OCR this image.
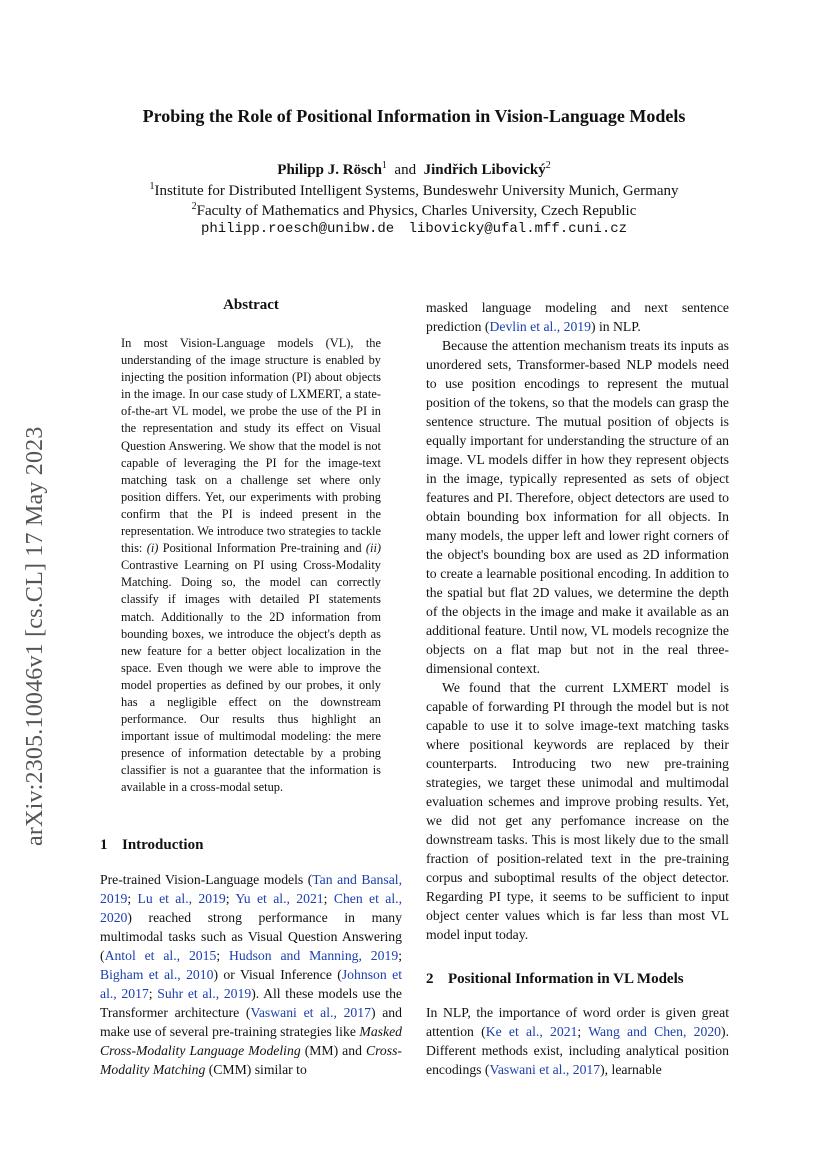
arXiv:2305.10046v1 [cs.CL] 17 May 2023
Probing the Role of Positional Information in Vision-Language Models
Philipp J. Rösch$^1$ and Jindřich Libovický$^2$
$^1$Institute for Distributed Intelligent Systems, Bundeswehr University Munich, Germany
$^2$Faculty of Mathematics and Physics, Charles University, Czech Republic
philipp.roesch@unibw.de libovicky@ufal.mff.cuni.cz
Abstract
In most Vision-Language models (VL), the understanding of the image structure is enabled by injecting the position information (PI) about objects in the image. In our case study of LXMERT, a state-of-the-art VL model, we probe the use of the PI in the representation and study its effect on Visual Question Answering. We show that the model is not capable of leveraging the PI for the image-text matching task on a challenge set where only position differs. Yet, our experiments with probing confirm that the PI is indeed present in the representation. We introduce two strategies to tackle this: (i) Positional Information Pre-training and (ii) Contrastive Learning on PI using Cross-Modality Matching. Doing so, the model can correctly classify if images with detailed PI statements match. Additionally to the 2D information from bounding boxes, we introduce the object's depth as new feature for a better object localization in the space. Even though we were able to improve the model properties as defined by our probes, it only has a negligible effect on the downstream performance. Our results thus highlight an important issue of multimodal modeling: the mere presence of information detectable by a probing classifier is not a guarantee that the information is available in a cross-modal setup.
1 Introduction

Pre-trained Vision-Language models (Tan and Bansal, 2019; Lu et al., 2019; Yu et al., 2021; Chen et al., 2020) reached strong performance in many multimodal tasks such as Visual Question Answering (Antol et al., 2015; Hudson and Manning, 2019; Bigham et al., 2010) or Visual Inference (Johnson et al., 2017; Suhr et al., 2019). All these models use the Transformer architecture (Vaswani et al., 2017) and make use of several pre-training strategies like Masked Cross-Modality Language Modeling (MM) and Cross-Modality Matching (CMM) similar to

masked language modeling and next sentence prediction (Devlin et al., 2019) in NLP.

Because the attention mechanism treats its inputs as unordered sets, Transformer-based NLP models need to use position encodings to represent the mutual position of the tokens, so that the models can grasp the sentence structure. The mutual position of objects is equally important for understanding the structure of an image. VL models differ in how they represent objects in the image, typically represented as sets of object features and PI. Therefore, object detectors are used to obtain bounding box information for all objects. In many models, the upper left and lower right corners of the object's bounding box are used as 2D information to create a learnable positional encoding. In addition to the spatial but flat 2D values, we determine the depth of the objects in the image and make it available as an additional feature. Until now, VL models recognize the objects on a flat map but not in the real three-dimensional context.

We found that the current LXMERT model is capable of forwarding PI through the model but is not capable to use it to solve image-text matching tasks where positional keywords are replaced by their counterparts. Introducing two new pre-training strategies, we target these unimodal and multimodal evaluation schemes and improve probing results. Yet, we did not get any perfomance increase on the downstream tasks. This is most likely due to the small fraction of position-related text in the pre-training corpus and suboptimal results of the object detector. Regarding PI type, it seems to be sufficient to input object center values which is far less than most VL model input today.

2 Positional Information in VL Models

In NLP, the importance of word order is given great attention (Ke et al., 2021; Wang and Chen, 2020). Different methods exist, including analytical position encodings (Vaswani et al., 2017), learnable
